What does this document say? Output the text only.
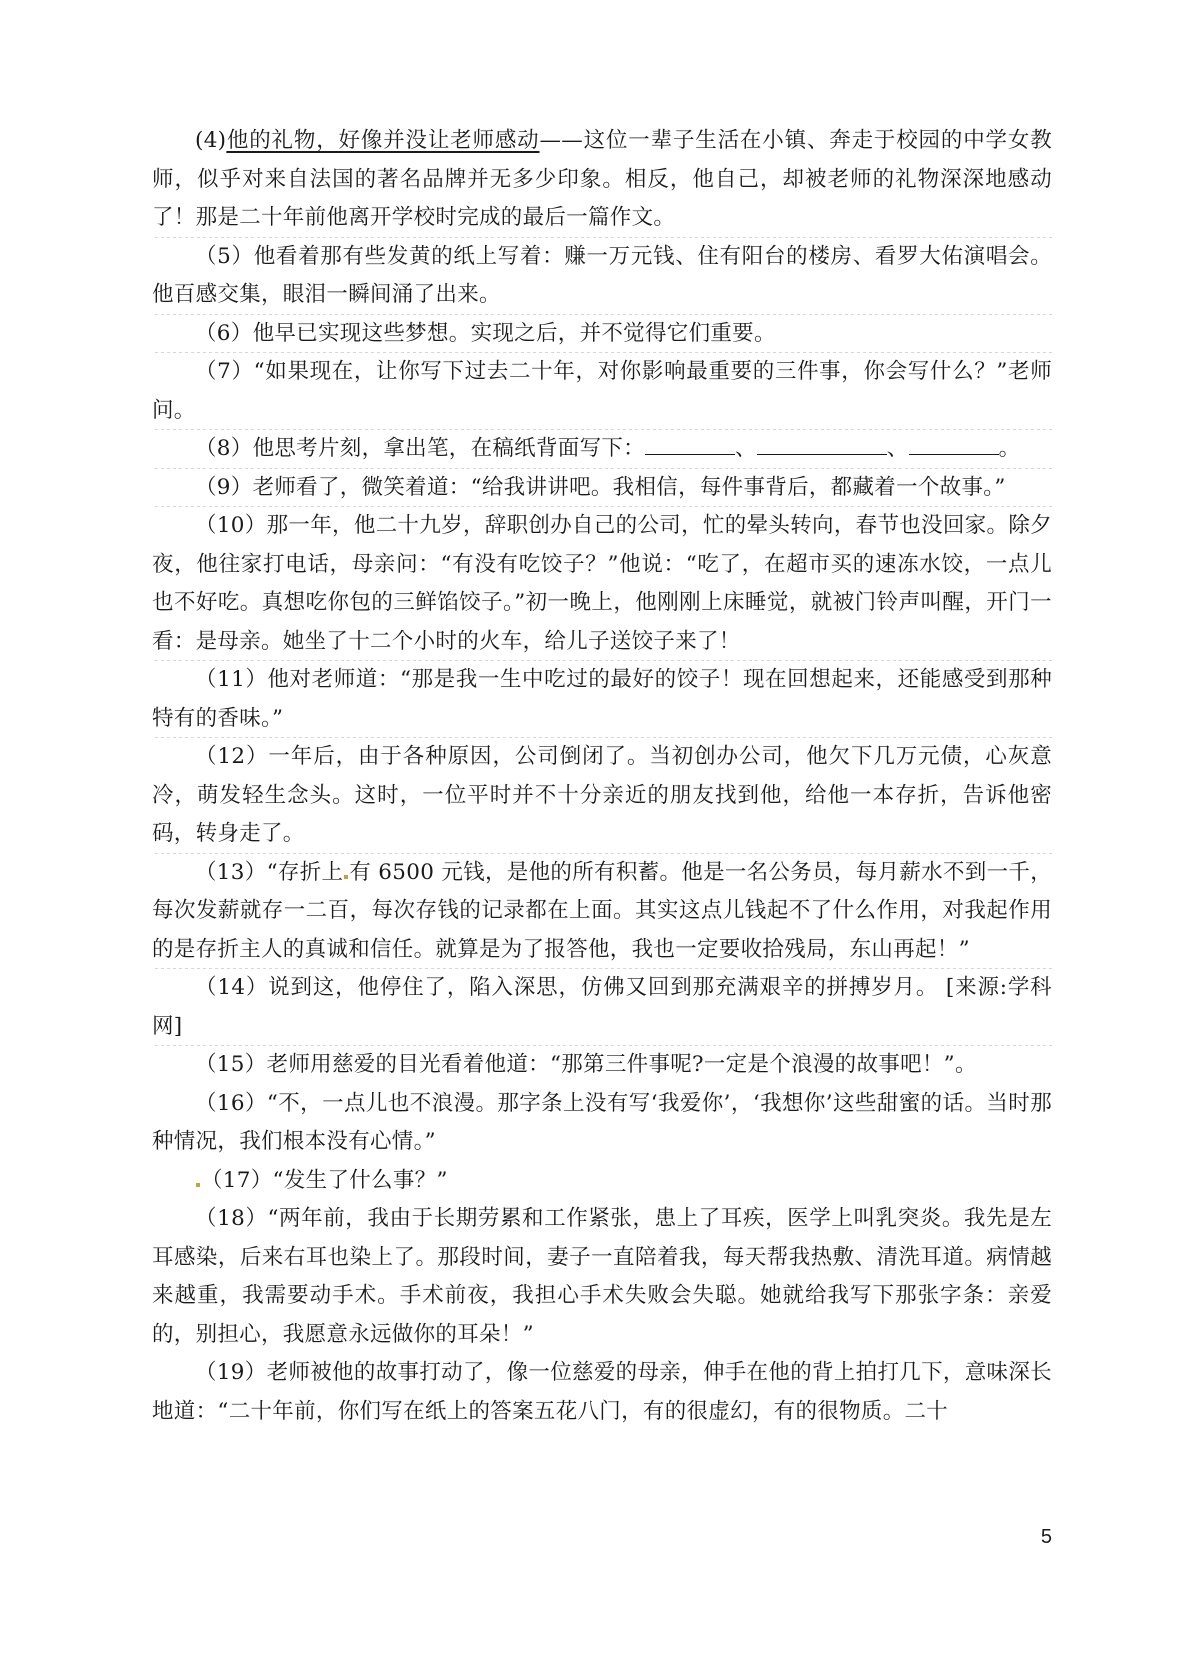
(4)他的礼物，好像并没让老师感动——这位一辈子生活在小镇、奔走于校园的中学女教师，似乎对来自法国的著名品牌并无多少印象。相反，他自己，却被老师的礼物深深地感动了！那是二十年前他离开学校时完成的最后一篇作文。

（5）他看着那有些发黄的纸上写着：赚一万元钱、住有阳台的楼房、看罗大佑演唱会。他百感交集，眼泪一瞬间涌了出来。

（6）他早已实现这些梦想。实现之后，并不觉得它们重要。

（7）“如果现在，让你写下过去二十年，对你影响最重要的三件事，你会写什么？”老师问。

（8）他思考片刻，拿出笔，在稿纸背面写下：	、	、	。

（9）老师看了，微笑着道：“给我讲讲吧。我相信，每件事背后，都藏着一个故事。”

（10）那一年，他二十九岁，辞职创办自己的公司，忙的晕头转向，春节也没回家。除夕夜，他往家打电话，母亲问：“有没有吃饺子？”他说：“吃了，在超市买的速冻水饺，一点儿也不好吃。真想吃你包的三鲜馅饺子。”初一晚上，他刚刚上床睡觉，就被门铃声叫醒，开门一看：是母亲。她坐了十二个小时的火车，给儿子送饺子来了！

（11）他对老师道：“那是我一生中吃过的最好的饺子！现在回想起来，还能感受到那种特有的香味。”

（12）一年后，由于各种原因，公司倒闭了。当初创办公司，他欠下几万元债，心灰意冷，萌发轻生念头。这时，一位平时并不十分亲近的朋友找到他，给他一本存折，告诉他密码，转身走了。

（13）“存折上 有 6500 元钱，是他的所有积蓄。他是一名公务员，每月薪水不到一千，每次发薪就存一二百，每次存钱的记录都在上面。其实这点儿钱起不了什么作用，对我起作用的是存折主人的真诚和信任。就算是为了报答他，我也一定要收拾残局，东山再起！”

（14）说到这，他停住了，陷入深思，仿佛又回到那充满艰辛的拼搏岁月。 [来源:学科网]

（15）老师用慈爱的目光看着他道：“那第三件事呢?一定是个浪漫的故事吧！”。

（16）“不，一点儿也不浪漫。那字条上没有写‘我爱你’，‘我想你’这些甜蜜的话。当时那种情况，我们根本没有心情。”

（17）“发生了什么事？”

（18）“两年前，我由于长期劳累和工作紧张，患上了耳疾，医学上叫乳突炎。我先是左耳感染，后来右耳也染上了。那段时间，妻子一直陪着我，每天帮我热敷、清洗耳道。病情越来越重，我需要动手术。手术前夜，我担心手术失败会失聪。她就给我写下那张字条：亲爱的，别担心，我愿意永远做你的耳朵！”

（19）老师被他的故事打动了，像一位慈爱的母亲，伸手在他的背上拍打几下，意味深长地道：“二十年前，你们写在纸上的答案五花八门，有的很虚幻，有的很物质。二十

5
